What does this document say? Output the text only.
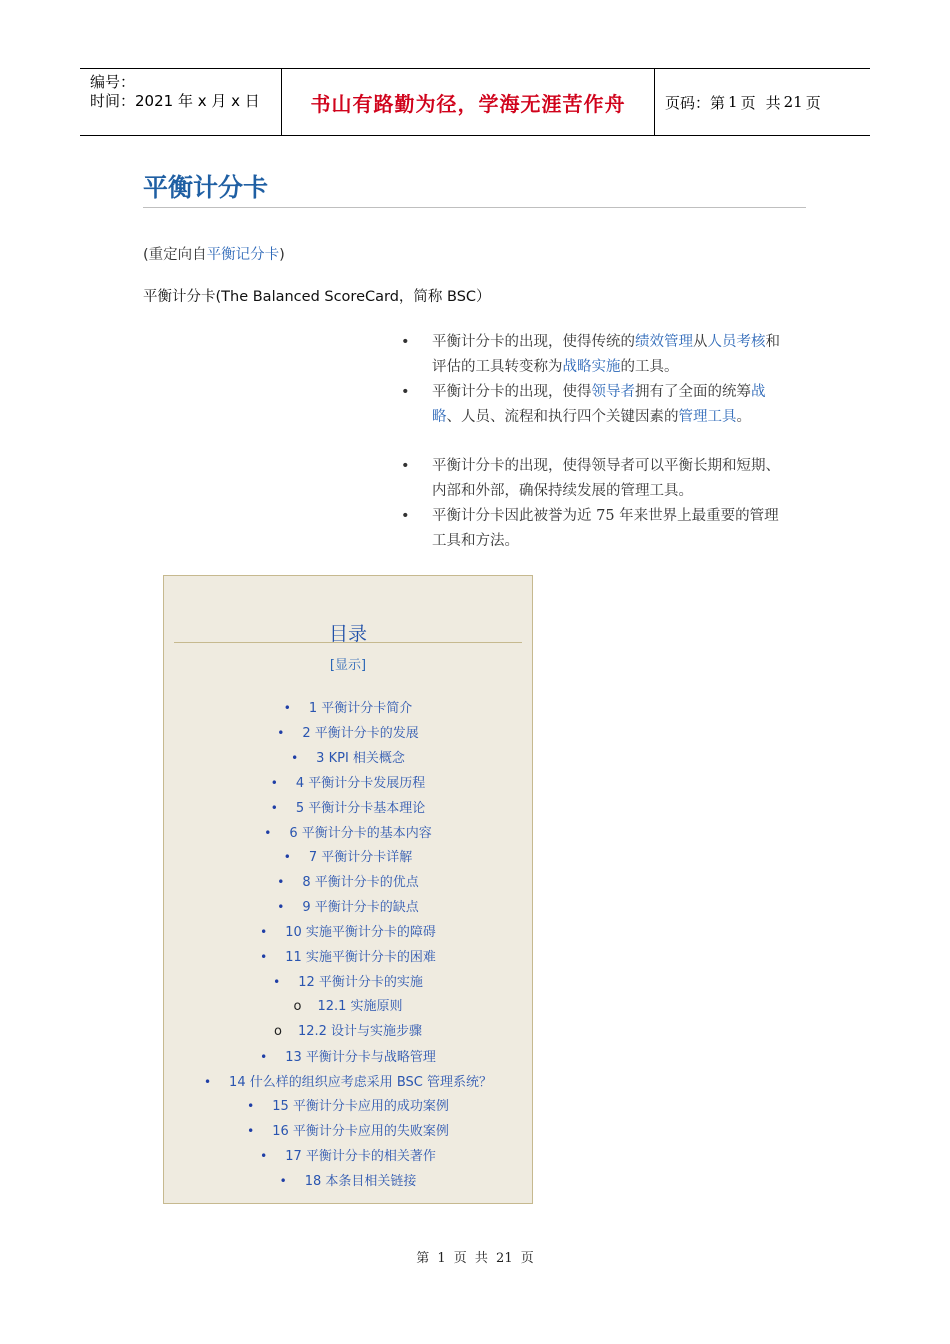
编号：
时间：2021 年 x 月 x 日	书山有路勤为径，学海无涯苦作舟	页码：第 1 页 共 21 页
平衡计分卡
(重定向自平衡记分卡)
平衡计分卡(The Balanced ScoreCard，简称 BSC）
• 平衡计分卡的出现，使得传统的绩效管理从人员考核和评估的工具转变称为战略实施的工具。
• 平衡计分卡的出现，使得领导者拥有了全面的统筹战略、人员、流程和执行四个关键因素的管理工具。
• 平衡计分卡的出现，使得领导者可以平衡长期和短期、内部和外部，确保持续发展的管理工具。
• 平衡计分卡因此被誉为近 75 年来世界上最重要的管理工具和方法。
目录
[显示]
• 1 平衡计分卡简介
• 2 平衡计分卡的发展
• 3 KPI 相关概念
• 4 平衡计分卡发展历程
• 5 平衡计分卡基本理论
• 6 平衡计分卡的基本内容
• 7 平衡计分卡详解
• 8 平衡计分卡的优点
• 9 平衡计分卡的缺点
• 10 实施平衡计分卡的障碍
• 11 实施平衡计分卡的困难
• 12 平衡计分卡的实施
o 12.1 实施原则
o 12.2 设计与实施步骤
• 13 平衡计分卡与战略管理
• 14 什么样的组织应考虑采用 BSC 管理系统？
• 15 平衡计分卡应用的成功案例
• 16 平衡计分卡应用的失败案例
• 17 平衡计分卡的相关著作
• 18 本条目相关链接
第 1 页 共 21 页
